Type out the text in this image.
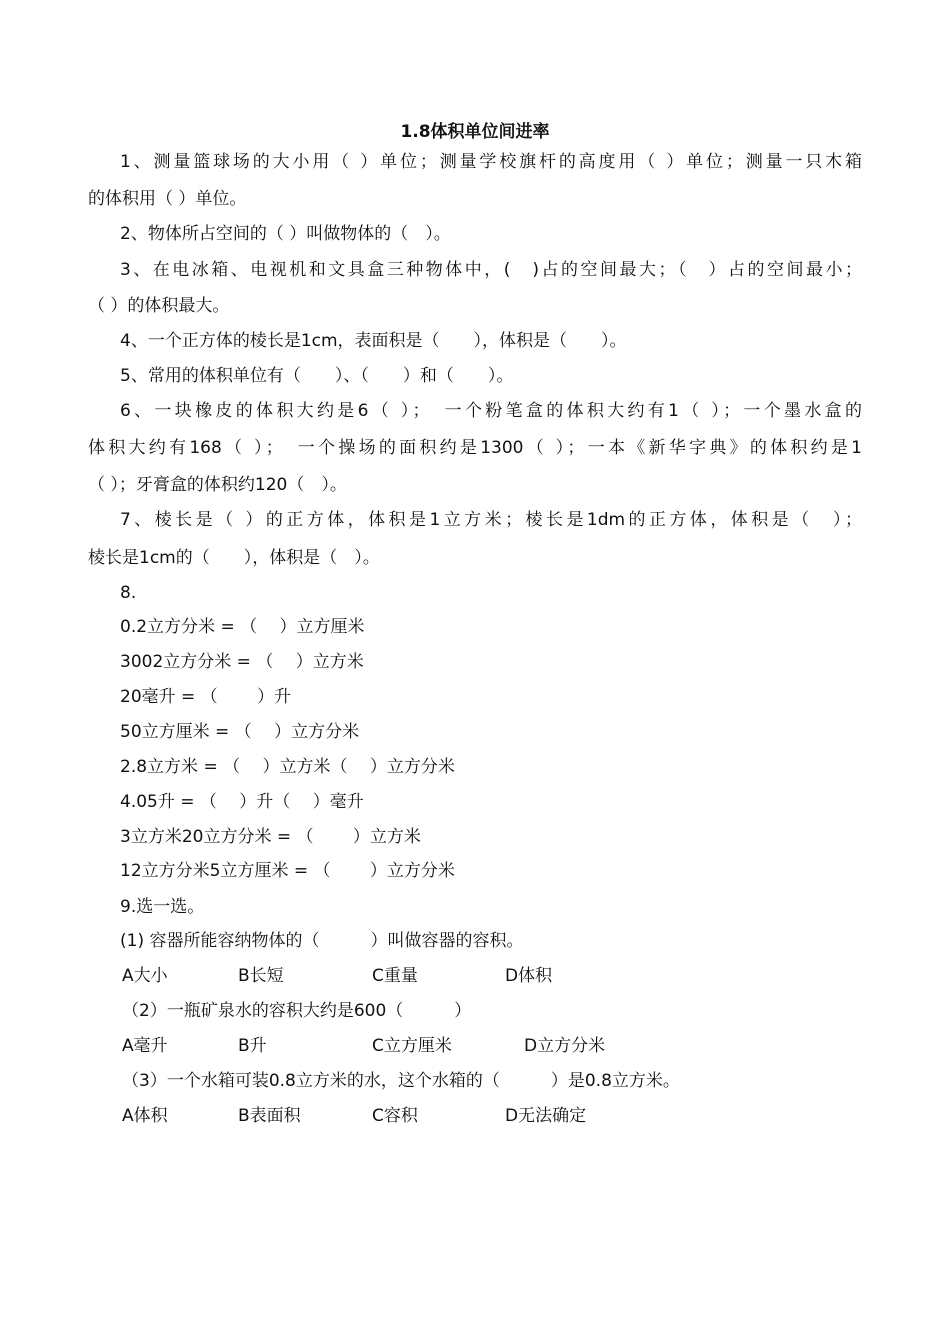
1.8体积单位间进率
1、测量篮球场的大小用（ ）单位；测量学校旗杆的高度用（ ）单位；测量一只木箱
的体积用（ ）单位。
2、物体所占空间的（ ）叫做物体的（　）。
3、在电冰箱、电视机和文具盒三种物体中，(　)占的空间最大；（　）占的空间最小；
（ ）的体积最大。
4、一个正方体的棱长是1cm，表面积是（　　），体积是（　　）。
5、常用的体积单位有（　　）、（　　）和（　　）。
6、一块橡皮的体积大约是6（ ）；　一个粉笔盒的体积大约有1（ ）；一个墨水盒的
体积大约有168（ ）；　一个操场的面积约是1300（ ）；一本《新华字典》的体积约是1
（ ）；牙膏盒的体积约120（　）。
7、棱长是（ ）的正方体，体积是1立方米；棱长是1dm的正方体，体积是（　）；
棱长是1cm的（　　），体积是（　）。
8.
0.2立方分米 = （　 ）立方厘米
3002立方分米 = （　 ）立方米
20毫升 = （　　 ）升
50立方厘米 = （　 ）立方分米
2.8立方米 = （　 ）立方米（　 ）立方分米
4.05升 = （　 ）升（　 ）毫升
3立方米20立方分米 = （　　 ）立方米
12立方分米5立方厘米 = （　　 ）立方分米
9.选一选。
(1) 容器所能容纳物体的（　　　）叫做容器的容积。
A大小	B长短	C重量	D体积
（2）一瓶矿泉水的容积大约是600（　　　）
A毫升	B升	C立方厘米	D立方分米
（3）一个水箱可装0.8立方米的水，这个水箱的（　　　）是0.8立方米。
A体积	B表面积	C容积	D无法确定
